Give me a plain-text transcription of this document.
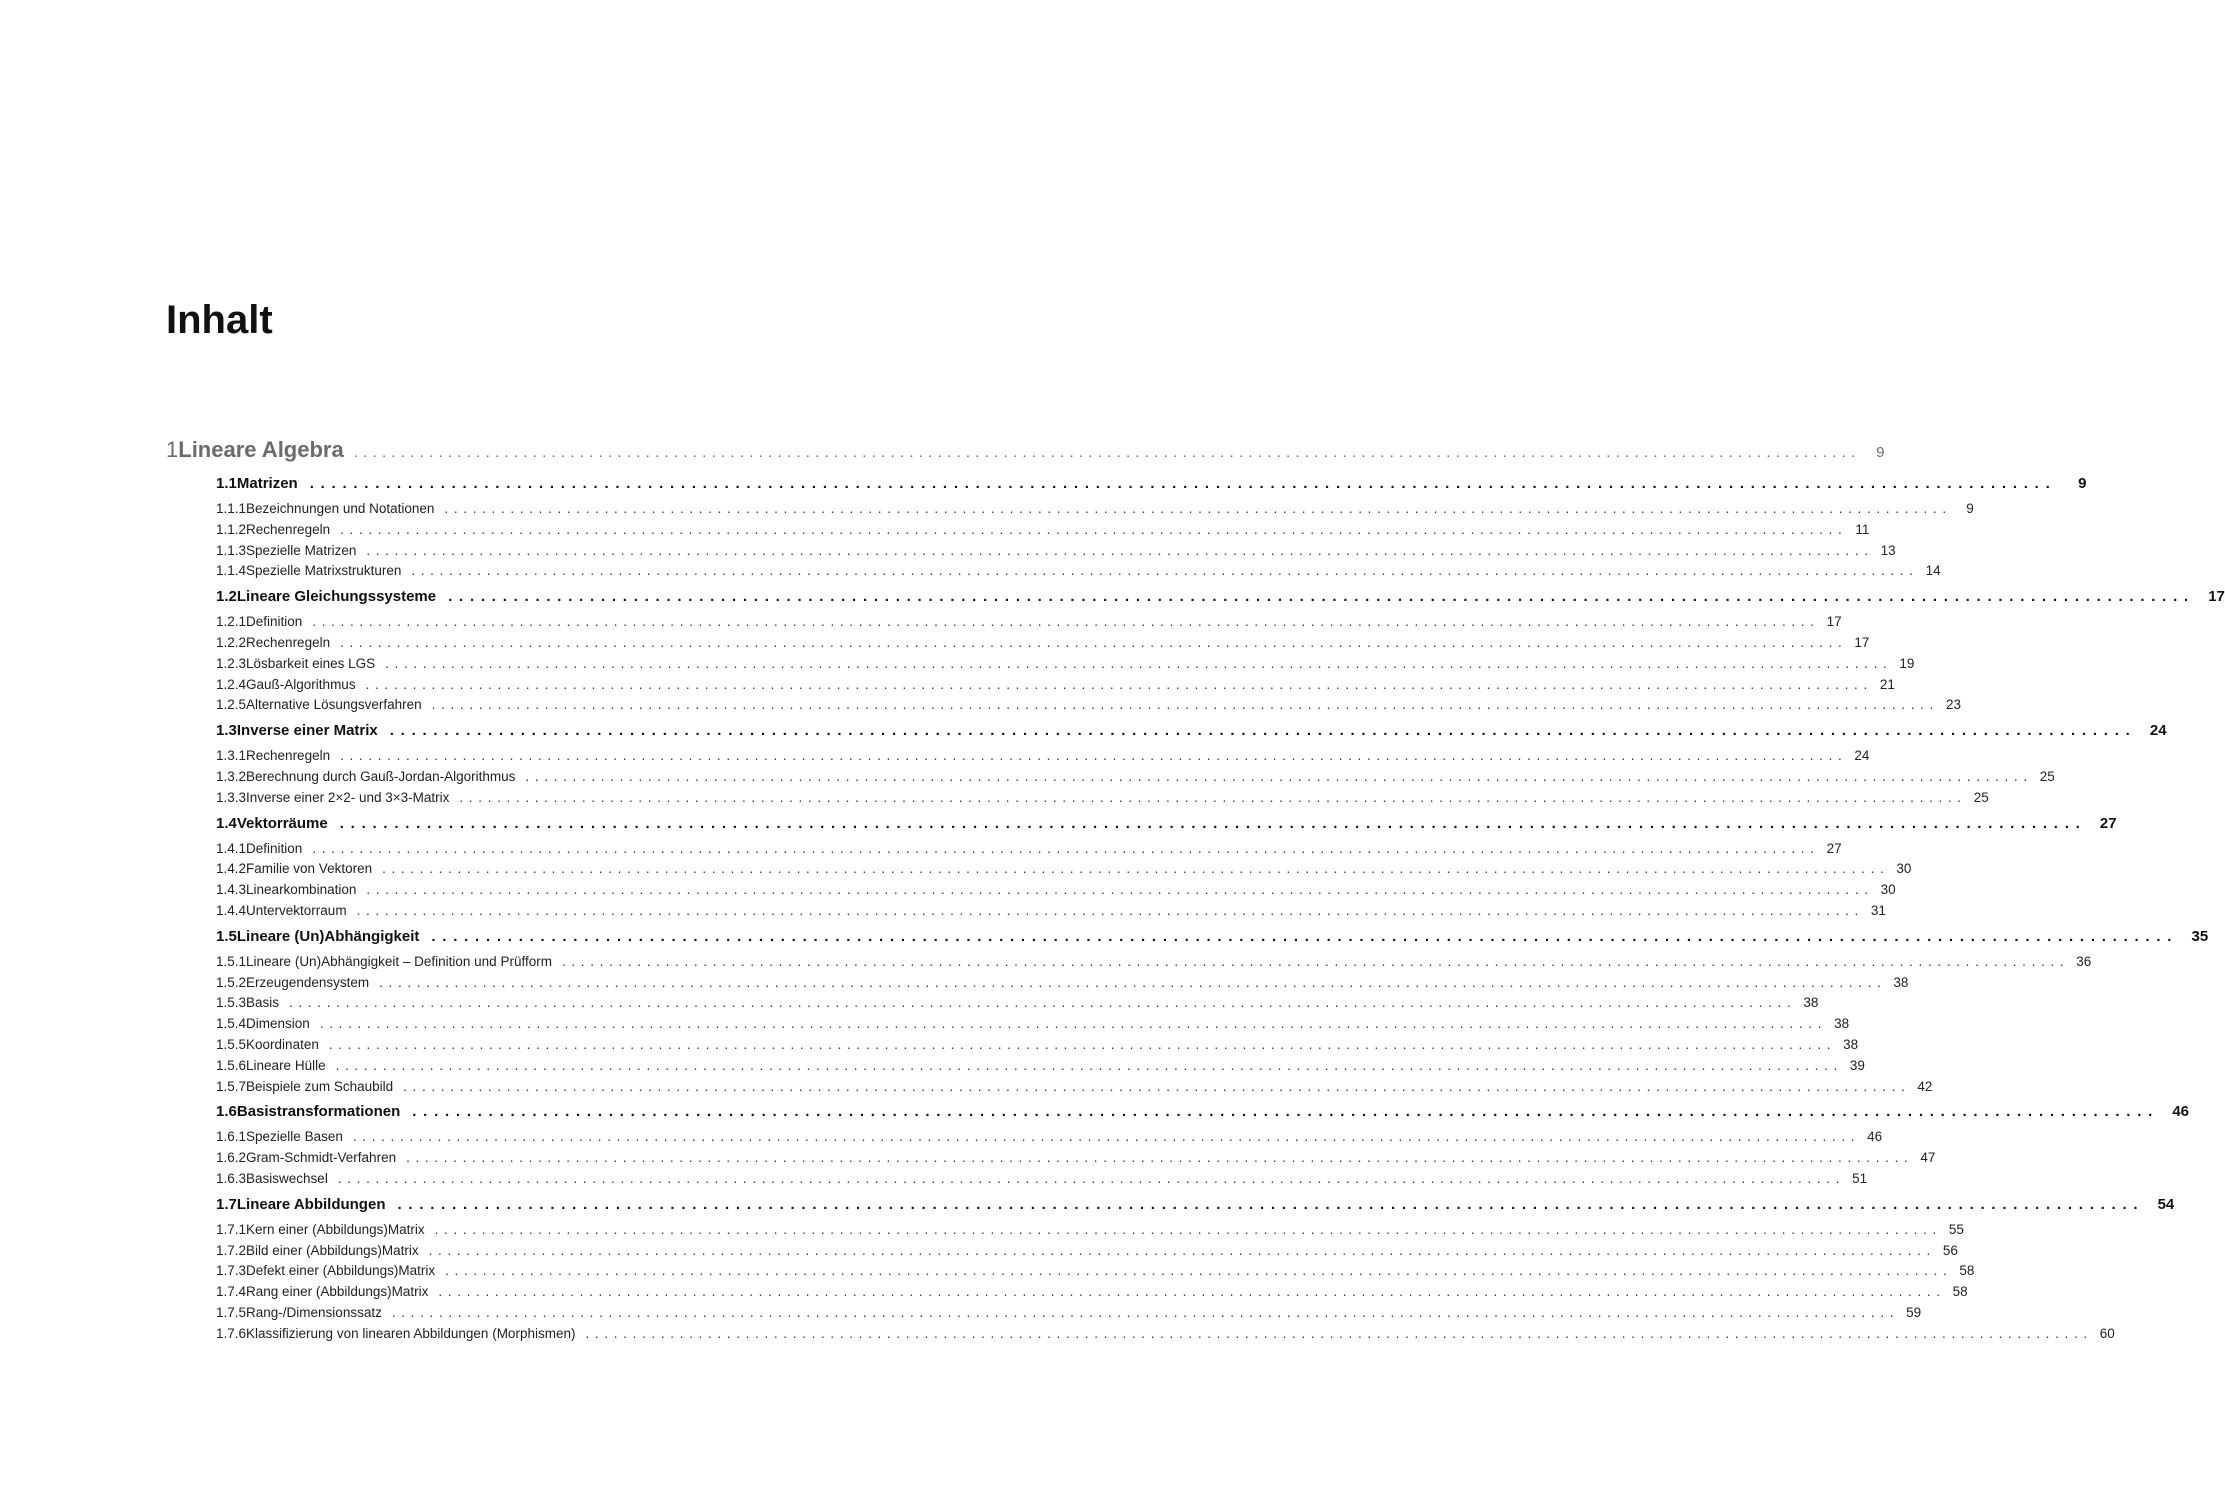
Inhalt
1 Lineare Algebra ................................................................................................................................................................	9
1.1 Matrizen ................................................................................................................................................................	9
1.1.1 Bezeichnungen und Notationen ................................................................................................................................................................	9
1.1.2 Rechenregeln ................................................................................................................................................................ 11
1.1.3 Spezielle Matrizen ................................................................................................................................................................ 13
1.1.4 Spezielle Matrixstrukturen ................................................................................................................................................................ 14
1.2 Lineare Gleichungssysteme ................................................................................................................................................................ 17
1.2.1 Definition ................................................................................................................................................................ 17
1.2.2 Rechenregeln ................................................................................................................................................................ 17
1.2.3 Lösbarkeit eines LGS ................................................................................................................................................................ 19
1.2.4 Gauß-Algorithmus ................................................................................................................................................................ 21
1.2.5 Alternative Lösungsverfahren ................................................................................................................................................................ 23
1.3 Inverse einer Matrix ................................................................................................................................................................ 24
1.3.1 Rechenregeln ................................................................................................................................................................ 24
1.3.2 Berechnung durch Gauß-Jordan-Algorithmus ................................................................................................................................................................ 25
1.3.3 Inverse einer 2×2- und 3×3-Matrix ................................................................................................................................................................ 25
1.4 Vektorräume ................................................................................................................................................................ 27
1.4.1 Definition ................................................................................................................................................................ 27
1.4.2 Familie von Vektoren ................................................................................................................................................................ 30
1.4.3 Linearkombination ................................................................................................................................................................ 30
1.4.4 Untervektorraum ................................................................................................................................................................ 31
1.5 Lineare (Un)Abhängigkeit ................................................................................................................................................................ 35
1.5.1 Lineare (Un)Abhängigkeit – Definition und Prüfform ................................................................................................................................................................ 36
1.5.2 Erzeugendensystem ................................................................................................................................................................ 38
1.5.3 Basis ................................................................................................................................................................ 38
1.5.4 Dimension ................................................................................................................................................................ 38
1.5.5 Koordinaten ................................................................................................................................................................ 38
1.5.6 Lineare Hülle ................................................................................................................................................................ 39
1.5.7 Beispiele zum Schaubild ................................................................................................................................................................ 42
1.6 Basistransformationen ................................................................................................................................................................ 46
1.6.1 Spezielle Basen ................................................................................................................................................................ 46
1.6.2 Gram-Schmidt-Verfahren ................................................................................................................................................................ 47
1.6.3 Basiswechsel ................................................................................................................................................................ 51
1.7 Lineare Abbildungen ................................................................................................................................................................ 54
1.7.1 Kern einer (Abbildungs)Matrix ................................................................................................................................................................ 55
1.7.2 Bild einer (Abbildungs)Matrix ................................................................................................................................................................ 56
1.7.3 Defekt einer (Abbildungs)Matrix ................................................................................................................................................................ 58
1.7.4 Rang einer (Abbildungs)Matrix ................................................................................................................................................................ 58
1.7.5 Rang-/Dimensionssatz ................................................................................................................................................................ 59
1.7.6 Klassifizierung von linearen Abbildungen (Morphismen) ................................................................................................................................................................ 60
